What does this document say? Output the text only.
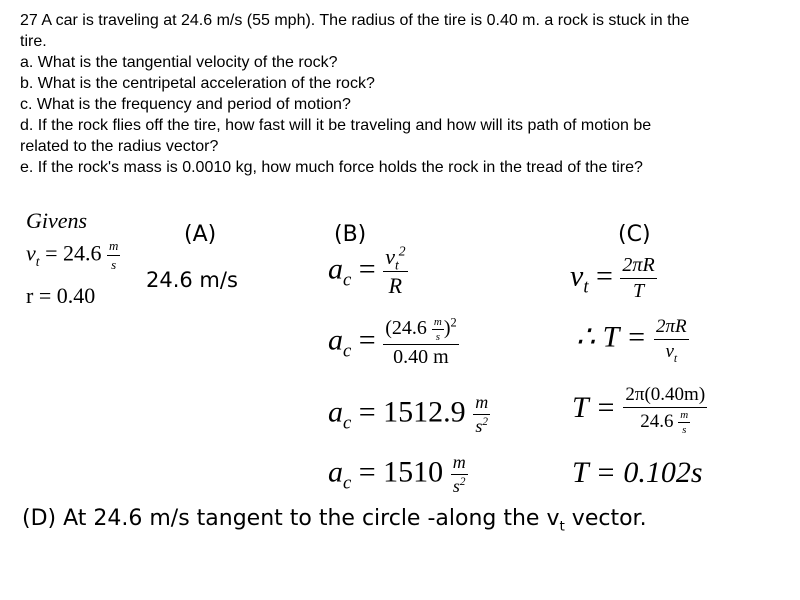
27 A car is traveling at 24.6 m/s (55 mph). The radius of the tire is 0.40 m. a rock is stuck in the
tire.
a. What is the tangential velocity of the rock?
b. What is the centripetal acceleration of the rock?
c. What is the frequency and period of motion?
d. If the rock flies off the tire, how fast will it be traveling and how will its path of motion be
related to the radius vector?
e. If the rock's mass is 0.0010 kg, how much force holds the rock in the tread of the tire?
Givens
$v_t = 24.6 \frac{m}{s}$
r = 0.40
(A)
24.6 m/s
(B)
$a_c = \frac{v_t^2}{R}$
$a_c = \frac{(24.6 \frac{m}{s} )^2}{0.40 m}$
$a_c = 1512.9 \frac{m}{s^2}$
$a_c = 1510 \frac{m}{s^2}$
(C)
$v_t = \frac{2\pi R}{T}$
∴ $T = \frac{2\pi R}{v_t}$
$T = \frac{2\pi(0.40m)}{24.6 \frac{m}{s}}$
T = 0.102s
(D) At 24.6 m/s tangent to the circle -along the $v_t$ vector.
